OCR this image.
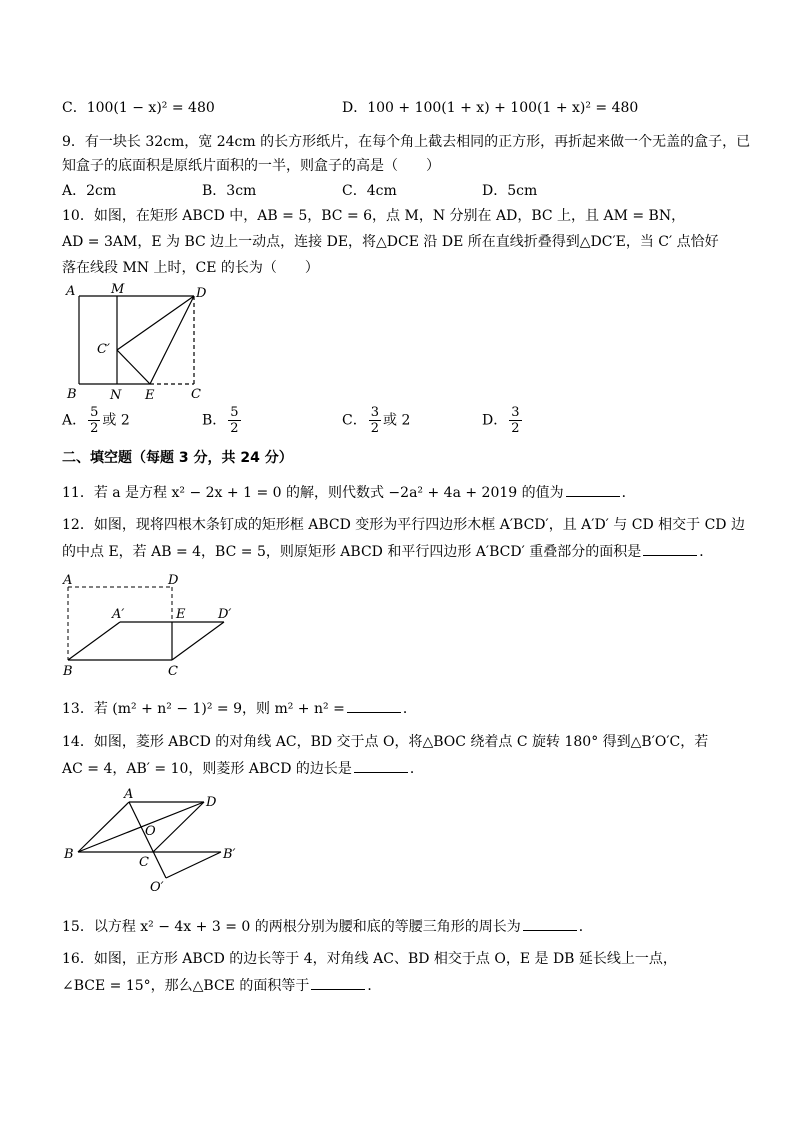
C．100(1 − x)² = 480	D．100 + 100(1 + x) + 100(1 + x)² = 480
9．有一块长 32cm，宽 24cm 的长方形纸片，在每个角上截去相同的正方形，再折起来做一个无盖的盒子，已
知盒子的底面积是原纸片面积的一半，则盒子的高是（　　）
A．2cm	B．3cm	C．4cm	D．5cm
10．如图，在矩形 ABCD 中，AB = 5，BC = 6，点 M，N 分别在 AD，BC 上，且 AM = BN，
AD = 3AM，E 为 BC 边上一动点，连接 DE，将△DCE 沿 DE 所在直线折叠得到△DC′E，当 C′ 点恰好
落在线段 MN 上时，CE 的长为（　　）
A	M	D
C′
B	N E	C
A． $\frac{5}{2}$ 或 2	B． $\frac{5}{2}$	C． $\frac{3}{2}$ 或 2	D． $\frac{3}{2}$
二、填空题（每题 3 分，共 24 分）
11．若 a 是方程 x² − 2x + 1 = 0 的解，则代数式 −2a² + 4a + 2019 的值为	．
12．如图，现将四根木条钉成的矩形框 ABCD 变形为平行四边形木框 A′BCD′，且 A′D′ 与 CD 相交于 CD 边
的中点 E，若 AB = 4，BC = 5，则原矩形 ABCD 和平行四边形 A′BCD′ 重叠部分的面积是	．
A	D
A′	E	D′
B	C
13．若 (m² + n² − 1)² = 9，则 m² + n² =	．
14．如图，菱形 ABCD 的对角线 AC，BD 交于点 O，将△BOC 绕着点 C 旋转 180° 得到△B′O′C，若
AC = 4，AB′ = 10，则菱形 ABCD 的边长是	．
A
D
O
B
C
B′
O′
15．以方程 x² − 4x + 3 = 0 的两根分别为腰和底的等腰三角形的周长为	．
16．如图，正方形 ABCD 的边长等于 4，对角线 AC、BD 相交于点 O，E 是 DB 延长线上一点，
∠BCE = 15°，那么△BCE 的面积等于	．
